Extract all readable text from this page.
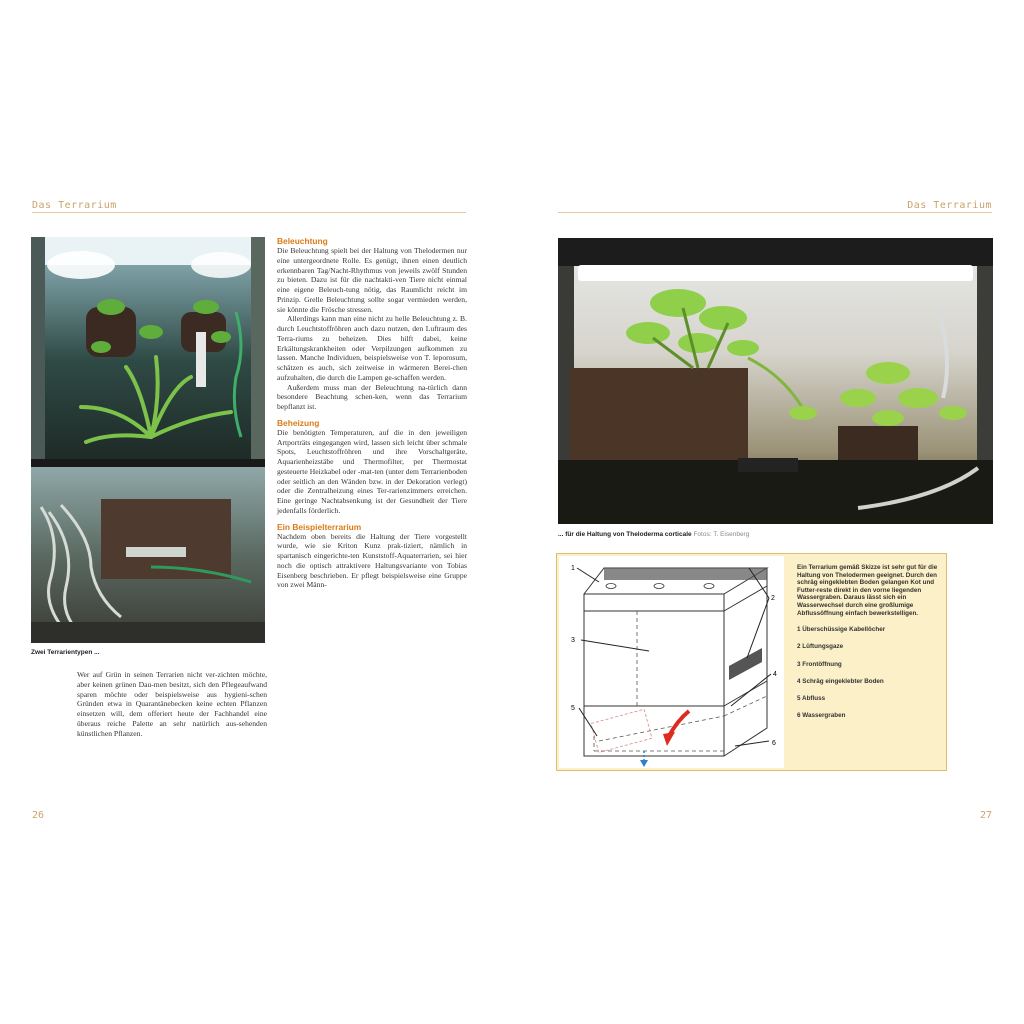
Das Terrarium
Zwei Terrarientypen ...

Wer auf Grün in seinen Terrarien nicht ver-zichten möchte, aber keinen grünen Dau-men besitzt, sich den Pflegeaufwand sparen möchte oder beispielsweise aus hygieni-schen Gründen etwa in Quarantänebecken keine echten Pflanzen einsetzen will, dem offeriert heute der Fachhandel eine überaus reiche Palette an sehr natürlich aus-sehenden künstlichen Pflanzen.

Beleuchtung

Die Beleuchtung spielt bei der Haltung von Thelodermen nur eine untergeordnete Rolle. Es genügt, ihnen einen deutlich erkennbaren Tag/Nacht-Rhythmus von jeweils zwölf Stunden zu bieten. Dazu ist für die nachtakti-ven Tiere nicht einmal eine eigene Beleuch-tung nötig, das Raumlicht reicht im Prinzip. Grelle Beleuchtung sollte sogar vermieden werden, sie könnte die Frösche stressen.

Allerdings kann man eine nicht zu helle Beleuchtung z. B. durch Leuchtstoffröhren auch dazu nutzen, den Luftraum des Terra-riums zu beheizen. Dies hilft dabei, keine Erkältungskrankheiten oder Verpilzungen aufkommen zu lassen. Manche Individuen, beispielsweise von T. leporosum, schätzen es auch, sich zeitweise in wärmeren Berei-chen aufzuhalten, die durch die Lampen ge-schaffen werden.

Außerdem muss man der Beleuchtung na-türlich dann besondere Beachtung schen-ken, wenn das Terrarium bepflanzt ist.

Beheizung

Die benötigten Temperaturen, auf die in den jeweiligen Artporträts eingegangen wird, lassen sich leicht über schmale Spots, Leuchtstoffröhren und ihre Vorschaltgeräte, Aquarienheizstäbe und Thermofilter, per Thermostat gesteuerte Heizkabel oder -mat-ten (unter dem Terrarienboden oder seitlich an den Wänden bzw. in der Dekoration verlegt) oder die Zentralheizung eines Ter-rarienzimmers erreichen. Eine geringe Nachtabsenkung ist der Gesundheit der Tiere jedenfalls förderlich.

Ein Beispielterrarium

Nachdem oben bereits die Haltung der Tiere vorgestellt wurde, wie sie Kriton Kunz prak-tiziert, nämlich in spartanisch eingerichte-ten Kunststoff-Aquaterrarien, sei hier noch die optisch attraktivere Haltungsvariante von Tobias Eisenberg beschrieben. Er pflegt beispielsweise eine Gruppe von zwei Männ-

26
Das Terrarium
... für die Haltung von Theloderma corticale Fotos: T. Eisenberg
1
2
3
4
5
6
Ein Terrarium gemäß Skizze ist sehr gut für die Haltung von Thelodermen geeignet. Durch den schräg eingeklebten Boden gelangen Kot und Futter-reste direkt in den vorne liegenden Wassergraben. Daraus lässt sich ein Wasserwechsel durch eine großlumige Abflussöffnung einfach bewerkstelligen.
1 Überschüssige Kabellöcher
2 Lüftungsgaze
3 Frontöffnung
4 Schräg eingeklebter Boden
5 Abfluss
6 Wassergraben
27
